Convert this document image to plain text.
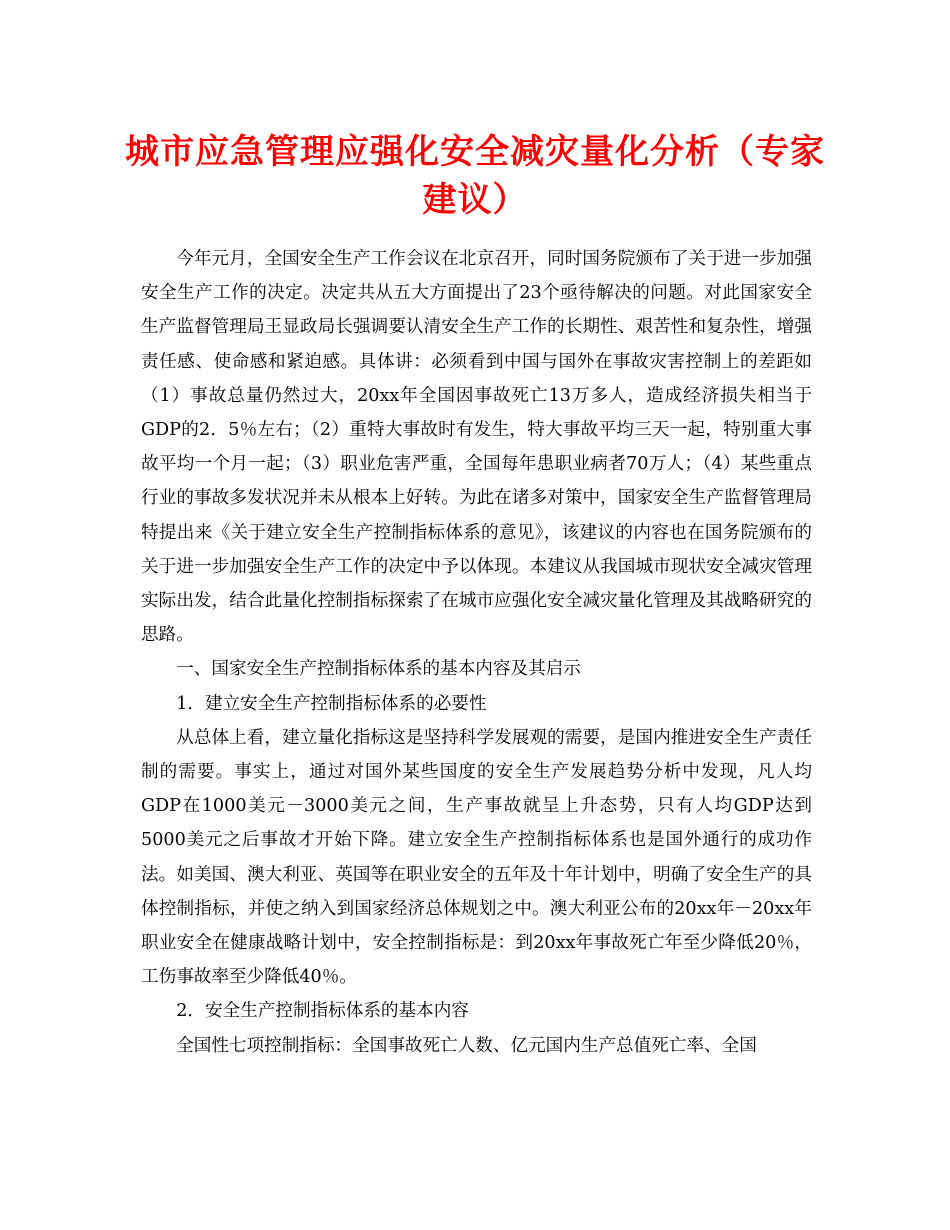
城市应急管理应强化安全减灾量化分析（专家建议）

今年元月，全国安全生产工作会议在北京召开，同时国务院颁布了关于进一步加强安全生产工作的决定。决定共从五大方面提出了23个亟待解决的问题。对此国家安全生产监督管理局王显政局长强调要认清安全生产工作的长期性、艰苦性和复杂性，增强责任感、使命感和紧迫感。具体讲：必须看到中国与国外在事故灾害控制上的差距如（1）事故总量仍然过大，20xx年全国因事故死亡13万多人，造成经济损失相当于GDP的2．5％左右；（2）重特大事故时有发生，特大事故平均三天一起，特别重大事故平均一个月一起；（3）职业危害严重，全国每年患职业病者70万人；（4）某些重点行业的事故多发状况并未从根本上好转。为此在诸多对策中，国家安全生产监督管理局特提出来《关于建立安全生产控制指标体系的意见》，该建议的内容也在国务院颁布的关于进一步加强安全生产工作的决定中予以体现。本建议从我国城市现状安全减灾管理实际出发，结合此量化控制指标探索了在城市应强化安全减灾量化管理及其战略研究的思路。

一、国家安全生产控制指标体系的基本内容及其启示

1．建立安全生产控制指标体系的必要性

从总体上看，建立量化指标这是坚持科学发展观的需要，是国内推进安全生产责任制的需要。事实上，通过对国外某些国度的安全生产发展趋势分析中发现，凡人均GDP在1000美元－3000美元之间，生产事故就呈上升态势，只有人均GDP达到5000美元之后事故才开始下降。建立安全生产控制指标体系也是国外通行的成功作法。如美国、澳大利亚、英国等在职业安全的五年及十年计划中，明确了安全生产的具体控制指标，并使之纳入到国家经济总体规划之中。澳大利亚公布的20xx年－20xx年职业安全在健康战略计划中，安全控制指标是：到20xx年事故死亡年至少降低20％，工伤事故率至少降低40％。

2．安全生产控制指标体系的基本内容

全国性七项控制指标：全国事故死亡人数、亿元国内生产总值死亡率、全国
